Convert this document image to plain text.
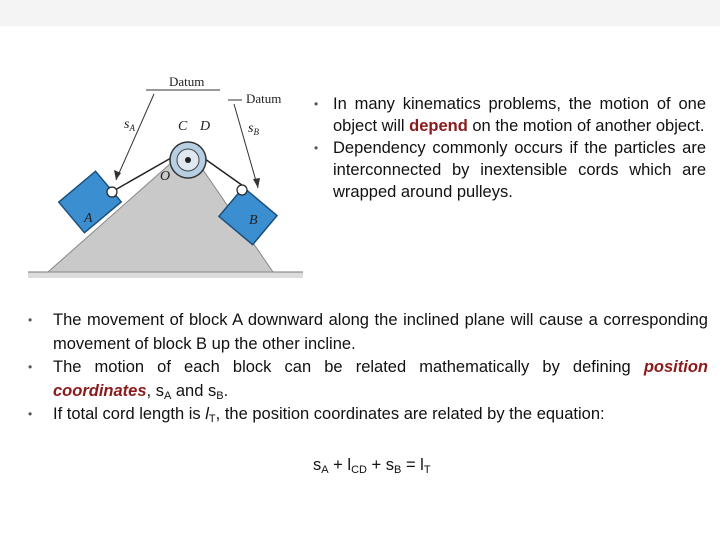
Datum
Datum
$s_A$	$s_B$
C D
O
A	B
• In many kinematics problems, the motion of one object will depend on the motion of another object.
• Dependency commonly occurs if the particles are interconnected by inextensible cords which are wrapped around pulleys.
• The movement of block A downward along the inclined plane will cause a corresponding movement of block B up the other incline.
• The motion of each block can be related mathematically by defining position coordinates, $s_A$ and $s_B$.
• If total cord length is $l_T$, the position coordinates are related by the equation:
$s_A + l_{CD} + s_B = l_T$
